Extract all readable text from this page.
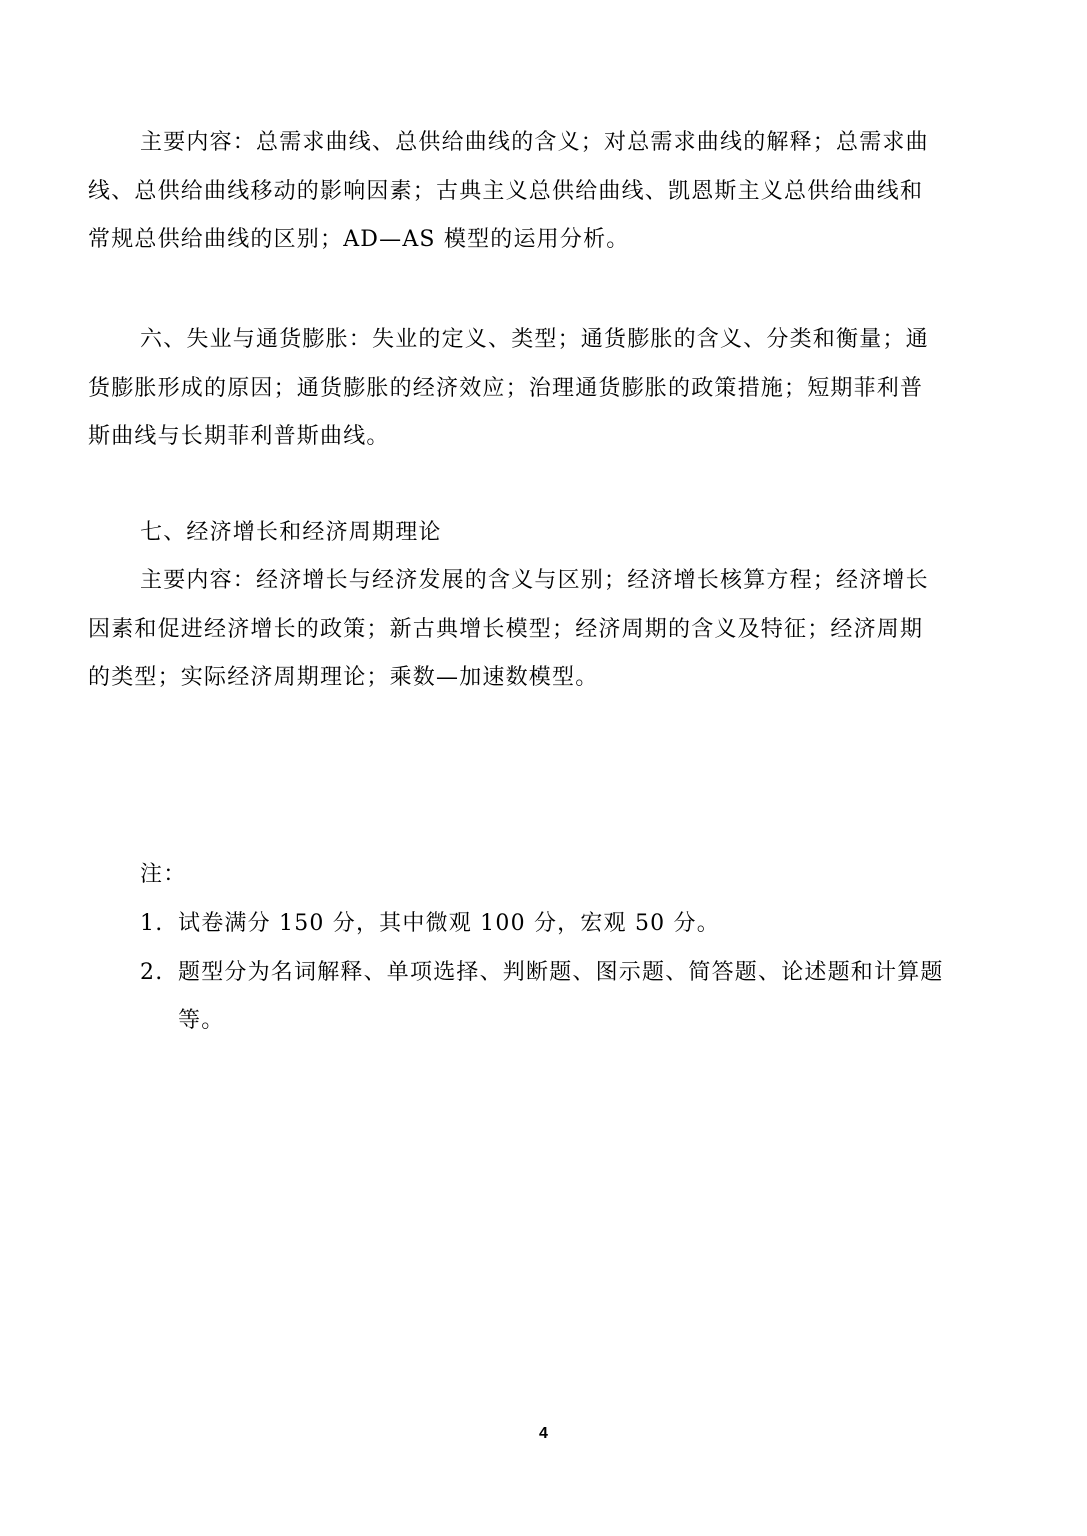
主要内容：总需求曲线、总供给曲线的含义；对总需求曲线的解释；总需求曲
线、总供给曲线移动的影响因素；古典主义总供给曲线、凯恩斯主义总供给曲线和
常规总供给曲线的区别；AD—AS 模型的运用分析。
六、失业与通货膨胀：失业的定义、类型；通货膨胀的含义、分类和衡量；通
货膨胀形成的原因；通货膨胀的经济效应；治理通货膨胀的政策措施；短期菲利普
斯曲线与长期菲利普斯曲线。
七、经济增长和经济周期理论
主要内容：经济增长与经济发展的含义与区别；经济增长核算方程；经济增长
因素和促进经济增长的政策；新古典增长模型；经济周期的含义及特征；经济周期
的类型；实际经济周期理论；乘数—加速数模型。
注：
1. 试卷满分 150 分，其中微观 100 分，宏观 50 分。
2. 题型分为名词解释、单项选择、判断题、图示题、简答题、论述题和计算题
等。
4
